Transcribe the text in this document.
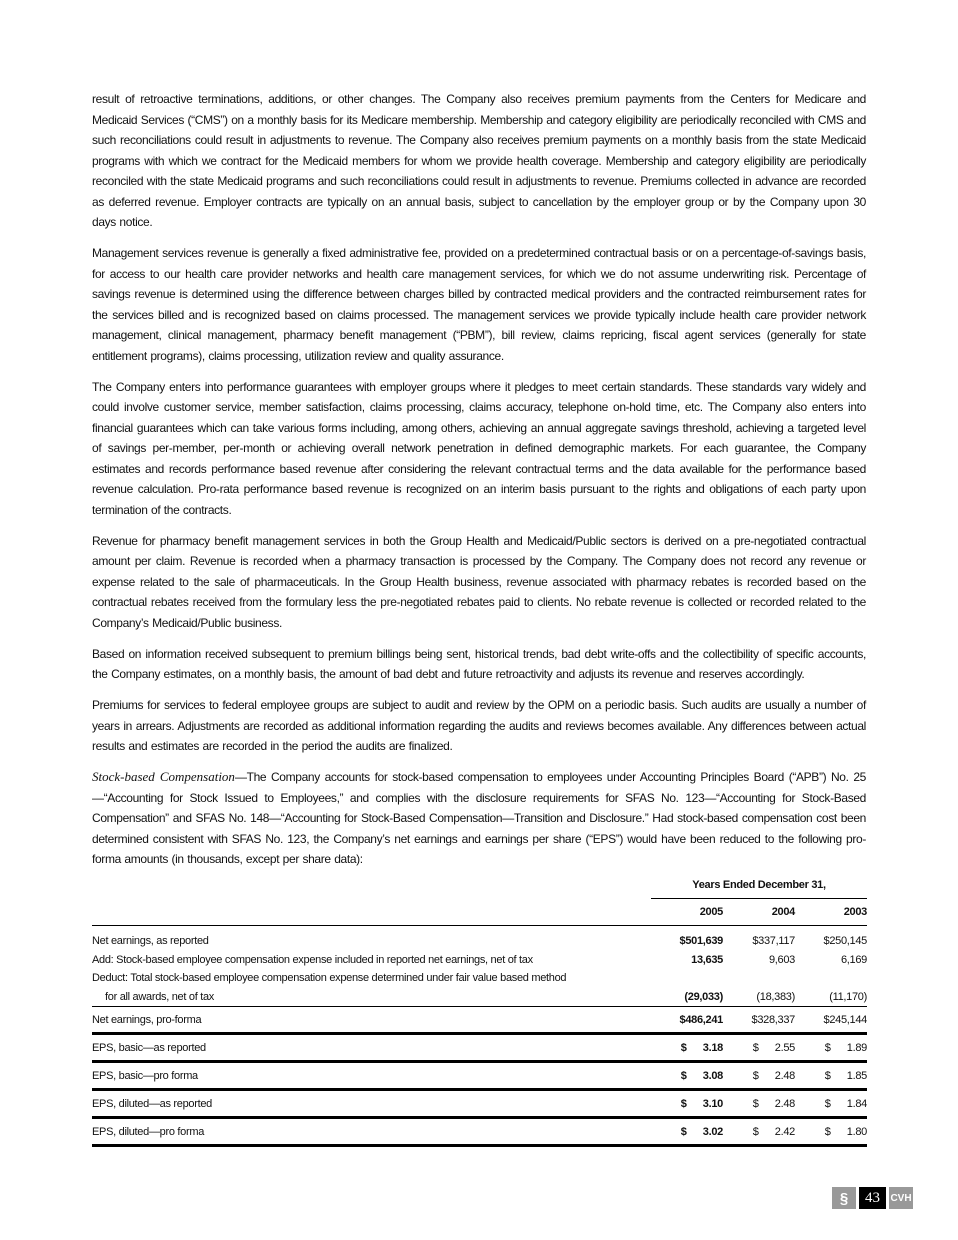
result of retroactive terminations, additions, or other changes. The Company also receives premium payments from the Centers for Medicare and Medicaid Services (“CMS”) on a monthly basis for its Medicare membership. Membership and category eligibility are periodically reconciled with CMS and such reconciliations could result in adjustments to revenue. The Company also receives premium payments on a monthly basis from the state Medicaid programs with which we contract for the Medicaid members for whom we provide health coverage. Membership and category eligibility are periodically reconciled with the state Medicaid programs and such reconciliations could result in adjustments to revenue. Premiums collected in advance are recorded as deferred revenue. Employer contracts are typically on an annual basis, subject to cancellation by the employer group or by the Company upon 30 days notice.

Management services revenue is generally a fixed administrative fee, provided on a predetermined contractual basis or on a percentage-of-savings basis, for access to our health care provider networks and health care management services, for which we do not assume underwriting risk. Percentage of savings revenue is determined using the difference between charges billed by contracted medical providers and the contracted reimbursement rates for the services billed and is recognized based on claims processed. The management services we provide typically include health care provider network management, clinical management, pharmacy benefit management (“PBM”), bill review, claims repricing, fiscal agent services (generally for state entitlement programs), claims processing, utilization review and quality assurance.

The Company enters into performance guarantees with employer groups where it pledges to meet certain standards. These standards vary widely and could involve customer service, member satisfaction, claims processing, claims accuracy, telephone on-hold time, etc. The Company also enters into financial guarantees which can take various forms including, among others, achieving an annual aggregate savings threshold, achieving a targeted level of savings per-member, per-month or achieving overall network penetration in defined demographic markets. For each guarantee, the Company estimates and records performance based revenue after considering the relevant contractual terms and the data available for the performance based revenue calculation. Pro-rata performance based revenue is recognized on an interim basis pursuant to the rights and obligations of each party upon termination of the contracts.

Revenue for pharmacy benefit management services in both the Group Health and Medicaid/Public sectors is derived on a pre-negotiated contractual amount per claim. Revenue is recorded when a pharmacy transaction is processed by the Company. The Company does not record any revenue or expense related to the sale of pharmaceuticals. In the Group Health business, revenue associated with pharmacy rebates is recorded based on the contractual rebates received from the formulary less the pre-negotiated rebates paid to clients. No rebate revenue is collected or recorded related to the Company’s Medicaid/Public business.

Based on information received subsequent to premium billings being sent, historical trends, bad debt write-offs and the collectibility of specific accounts, the Company estimates, on a monthly basis, the amount of bad debt and future retroactivity and adjusts its revenue and reserves accordingly.

Premiums for services to federal employee groups are subject to audit and review by the OPM on a periodic basis. Such audits are usually a number of years in arrears. Adjustments are recorded as additional information regarding the audits and reviews becomes available. Any differences between actual results and estimates are recorded in the period the audits are finalized.

Stock-based Compensation—The Company accounts for stock-based compensation to employees under Accounting Principles Board (“APB”) No. 25—“Accounting for Stock Issued to Employees,” and complies with the disclosure requirements for SFAS No. 123—“Accounting for Stock-Based Compensation” and SFAS No. 148—“Accounting for Stock-Based Compensation—Transition and Disclosure.” Had stock-based compensation cost been determined consistent with SFAS No. 123, the Company’s net earnings and earnings per share (“EPS”) would have been reduced to the following pro-forma amounts (in thousands, except per share data):

	Years Ended December 31,		
	2005	2004	2003
Net earnings, as reported	$501,639	$337,117	$250,145
Add: Stock-based employee compensation expense included in reported net earnings, net of tax	13,635	9,603	6,169
Deduct: Total stock-based employee compensation expense determined under fair value based method			
for all awards, net of tax	(29,033)	(18,383)	(11,170)
Net earnings, pro-forma	$486,241	$328,337	$245,144
EPS, basic—as reported	$ 3.18	$ 2.55	$ 1.89
EPS, basic—pro forma	$ 3.08	$ 2.48	$ 1.85
EPS, diluted—as reported	$ 3.10	$ 2.48	$ 1.84
EPS, diluted—pro forma	$ 3.02	$ 2.42	$ 1.80
§	43	CVH
